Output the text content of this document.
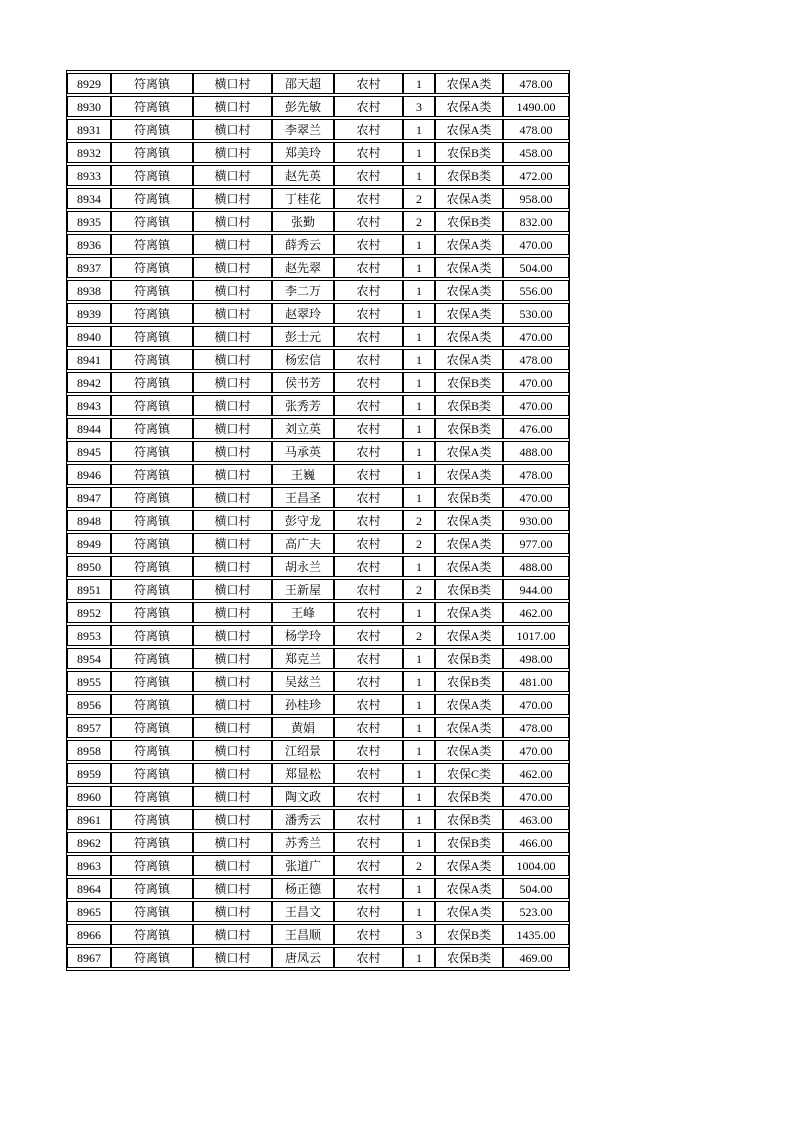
8929	符离镇	横口村	邵天超	农村	1	农保A类	478.00
8930	符离镇	横口村	彭先敏	农村	3	农保A类	1490.00
8931	符离镇	横口村	李翠兰	农村	1	农保A类	478.00
8932	符离镇	横口村	郑美玲	农村	1	农保B类	458.00
8933	符离镇	横口村	赵先英	农村	1	农保B类	472.00
8934	符离镇	横口村	丁桂花	农村	2	农保A类	958.00
8935	符离镇	横口村	张勤	农村	2	农保B类	832.00
8936	符离镇	横口村	薛秀云	农村	1	农保A类	470.00
8937	符离镇	横口村	赵先翠	农村	1	农保A类	504.00
8938	符离镇	横口村	李二万	农村	1	农保A类	556.00
8939	符离镇	横口村	赵翠玲	农村	1	农保A类	530.00
8940	符离镇	横口村	彭士元	农村	1	农保A类	470.00
8941	符离镇	横口村	杨宏信	农村	1	农保A类	478.00
8942	符离镇	横口村	侯书芳	农村	1	农保B类	470.00
8943	符离镇	横口村	张秀芳	农村	1	农保B类	470.00
8944	符离镇	横口村	刘立英	农村	1	农保B类	476.00
8945	符离镇	横口村	马承英	农村	1	农保A类	488.00
8946	符离镇	横口村	王巍	农村	1	农保A类	478.00
8947	符离镇	横口村	王昌圣	农村	1	农保B类	470.00
8948	符离镇	横口村	彭守龙	农村	2	农保A类	930.00
8949	符离镇	横口村	高广夫	农村	2	农保A类	977.00
8950	符离镇	横口村	胡永兰	农村	1	农保A类	488.00
8951	符离镇	横口村	王新屋	农村	2	农保B类	944.00
8952	符离镇	横口村	王峰	农村	1	农保A类	462.00
8953	符离镇	横口村	杨学玲	农村	2	农保A类	1017.00
8954	符离镇	横口村	郑克兰	农村	1	农保B类	498.00
8955	符离镇	横口村	吴兹兰	农村	1	农保B类	481.00
8956	符离镇	横口村	孙桂珍	农村	1	农保A类	470.00
8957	符离镇	横口村	黄娟	农村	1	农保A类	478.00
8958	符离镇	横口村	江绍景	农村	1	农保A类	470.00
8959	符离镇	横口村	郑显松	农村	1	农保C类	462.00
8960	符离镇	横口村	陶文政	农村	1	农保B类	470.00
8961	符离镇	横口村	潘秀云	农村	1	农保B类	463.00
8962	符离镇	横口村	苏秀兰	农村	1	农保B类	466.00
8963	符离镇	横口村	张道广	农村	2	农保A类	1004.00
8964	符离镇	横口村	杨正德	农村	1	农保A类	504.00
8965	符离镇	横口村	王昌文	农村	1	农保A类	523.00
8966	符离镇	横口村	王昌顺	农村	3	农保B类	1435.00
8967	符离镇	横口村	唐凤云	农村	1	农保B类	469.00
